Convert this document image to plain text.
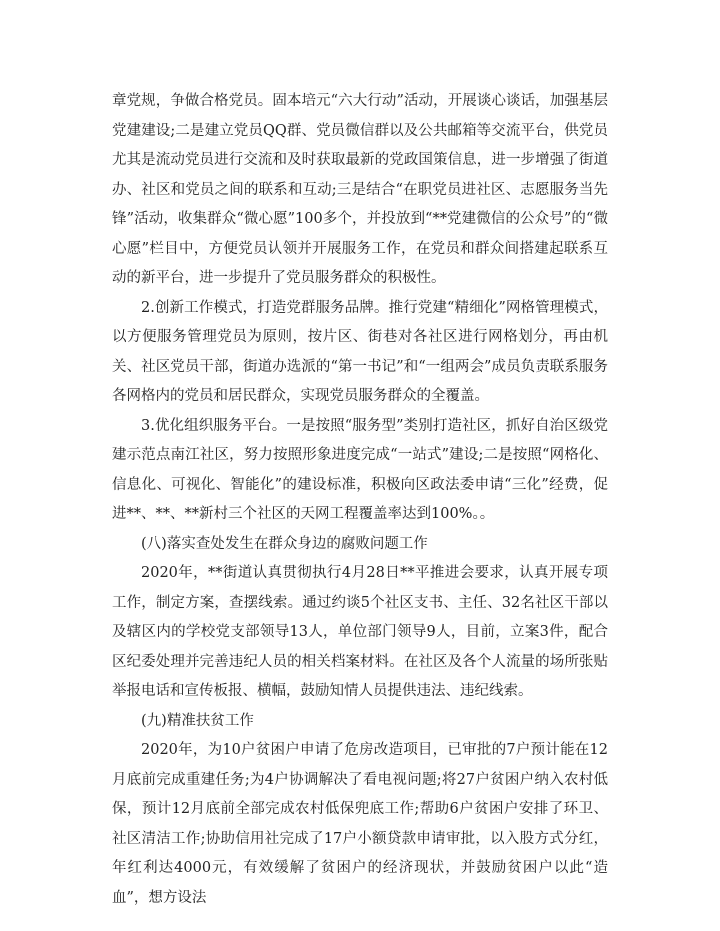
章党规，争做合格党员。固本培元“六大行动”活动，开展谈心谈话，加强基层党建建设;二是建立党员QQ群、党员微信群以及公共邮箱等交流平台，供党员尤其是流动党员进行交流和及时获取最新的党政国策信息，进一步增强了街道办、社区和党员之间的联系和互动;三是结合“在职党员进社区、志愿服务当先锋”活动，收集群众“微心愿”100多个，并投放到“**党建微信的公众号”的“微心愿”栏目中，方便党员认领并开展服务工作，在党员和群众间搭建起联系互动的新平台，进一步提升了党员服务群众的积极性。

2.创新工作模式，打造党群服务品牌。推行党建“精细化”网格管理模式，以方便服务管理党员为原则，按片区、街巷对各社区进行网格划分，再由机关、社区党员干部，街道办选派的“第一书记”和“一组两会”成员负责联系服务各网格内的党员和居民群众，实现党员服务群众的全覆盖。

3.优化组织服务平台。一是按照“服务型”类别打造社区，抓好自治区级党建示范点南江社区，努力按照形象进度完成“一站式”建设;二是按照“网格化、信息化、可视化、智能化”的建设标准，积极向区政法委申请“三化”经费，促进**、**、**新村三个社区的天网工程覆盖率达到100%。。

(八)落实查处发生在群众身边的腐败问题工作

2020年，**街道认真贯彻执行4月28日**平推进会要求，认真开展专项工作，制定方案，查摆线索。通过约谈5个社区支书、主任、32名社区干部以及辖区内的学校党支部领导13人，单位部门领导9人，目前，立案3件，配合区纪委处理并完善违纪人员的相关档案材料。在社区及各个人流量的场所张贴举报电话和宣传板报、横幅，鼓励知情人员提供违法、违纪线索。

(九)精准扶贫工作

2020年，为10户贫困户申请了危房改造项目，已审批的7户预计能在12月底前完成重建任务;为4户协调解决了看电视问题;将27户贫困户纳入农村低保，预计12月底前全部完成农村低保兜底工作;帮助6户贫困户安排了环卫、社区清洁工作;协助信用社完成了17户小额贷款申请审批，以入股方式分红，年红利达4000元，有效缓解了贫困户的经济现状，并鼓励贫困户以此“造血”，想方设法
